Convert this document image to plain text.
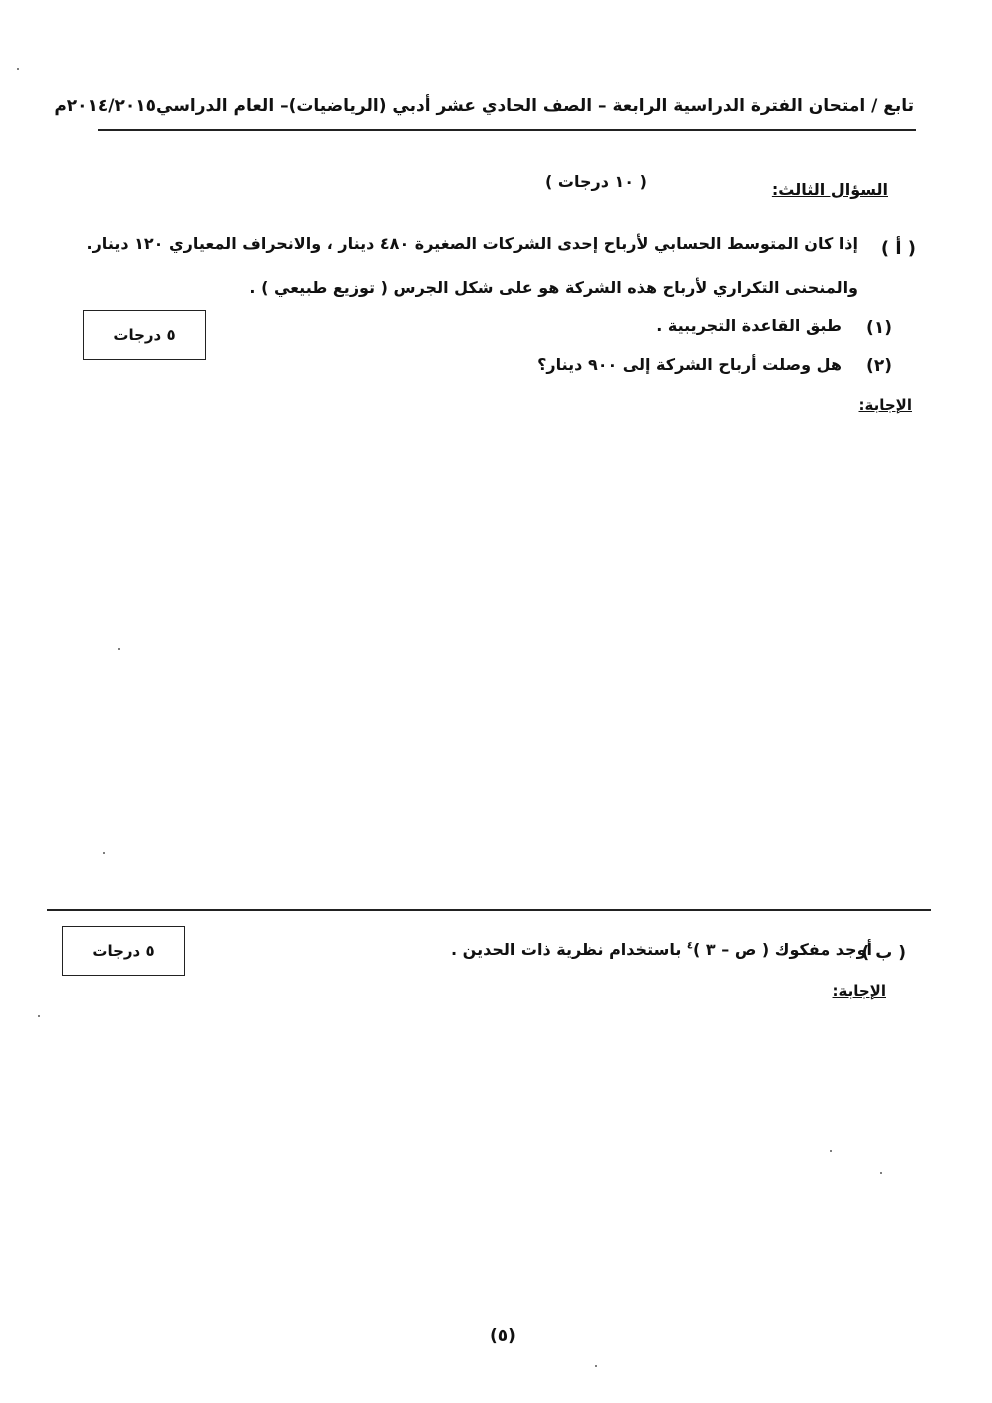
تابع / امتحان الفترة الدراسية الرابعة – الصف الحادي عشر أدبي (الرياضيات)– العام الدراسي٢٠١٤/٢٠١٥م
السؤال الثالث:
( ١٠ درجات )
( أ )
إذا كان المتوسط الحسابي لأرباح إحدى الشركات الصغيرة ٤٨٠ دينار ، والانحراف المعياري ١٢٠ دينار.
والمنحنى التكراري لأرباح هذه الشركة هو على شكل الجرس ( توزيع طبيعي ) .
(١)
طبق القاعدة التجريبية .
(٢)
هل وصلت أرباح الشركة إلى ٩٠٠ دينار؟
٥ درجات
الإجابة:
٥ درجات	( ب )
أوجد مفكوك ( ص – ٣ )$^٤$ باستخدام نظرية ذات الحدين .
الإجابة:
(٥)
